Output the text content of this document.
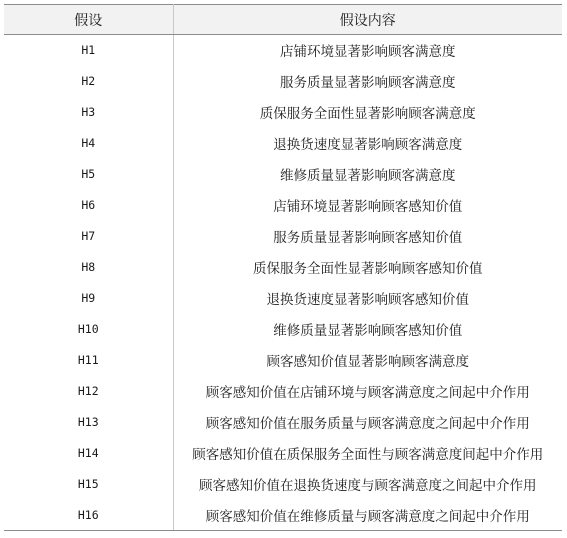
假设	假设内容
H1	店铺环境显著影响顾客满意度
H2	服务质量显著影响顾客满意度
H3	质保服务全面性显著影响顾客满意度
H4	退换货速度显著影响顾客满意度
H5	维修质量显著影响顾客满意度
H6	店铺环境显著影响顾客感知价值
H7	服务质量显著影响顾客感知价值
H8	质保服务全面性显著影响顾客感知价值
H9	退换货速度显著影响顾客感知价值
H10	维修质量显著影响顾客感知价值
H11	顾客感知价值显著影响顾客满意度
H12	顾客感知价值在店铺环境与顾客满意度之间起中介作用
H13	顾客感知价值在服务质量与顾客满意度之间起中介作用
H14	顾客感知价值在质保服务全面性与顾客满意度间起中介作用
H15	顾客感知价值在退换货速度与顾客满意度之间起中介作用
H16	顾客感知价值在维修质量与顾客满意度之间起中介作用
